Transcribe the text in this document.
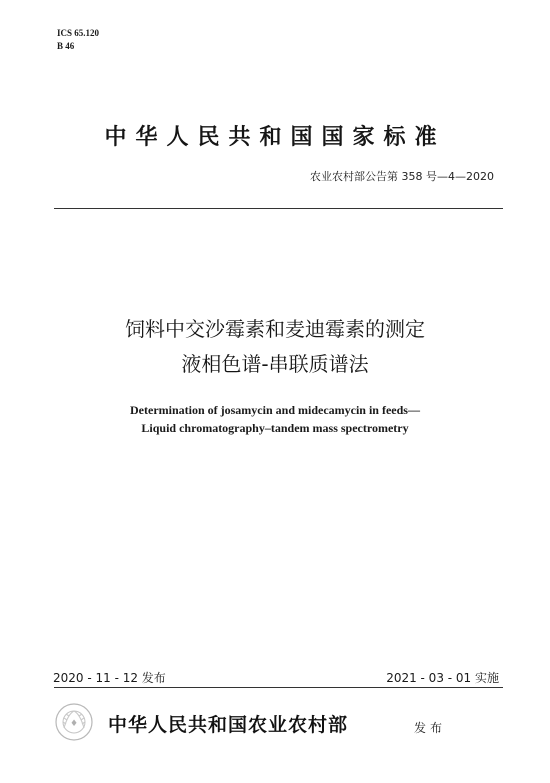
ICS 65.120
B 46
中华人民共和国国家标准
农业农村部公告第 358 号—4—2020
饲料中交沙霉素和麦迪霉素的测定
液相色谱-串联质谱法
Determination of josamycin and midecamycin in feeds—
Liquid chromatography–tandem mass spectrometry
2020 - 11 - 12 发布	2021 - 03 - 01 实施
♦ 中华人民共和国农业农村部	发布
